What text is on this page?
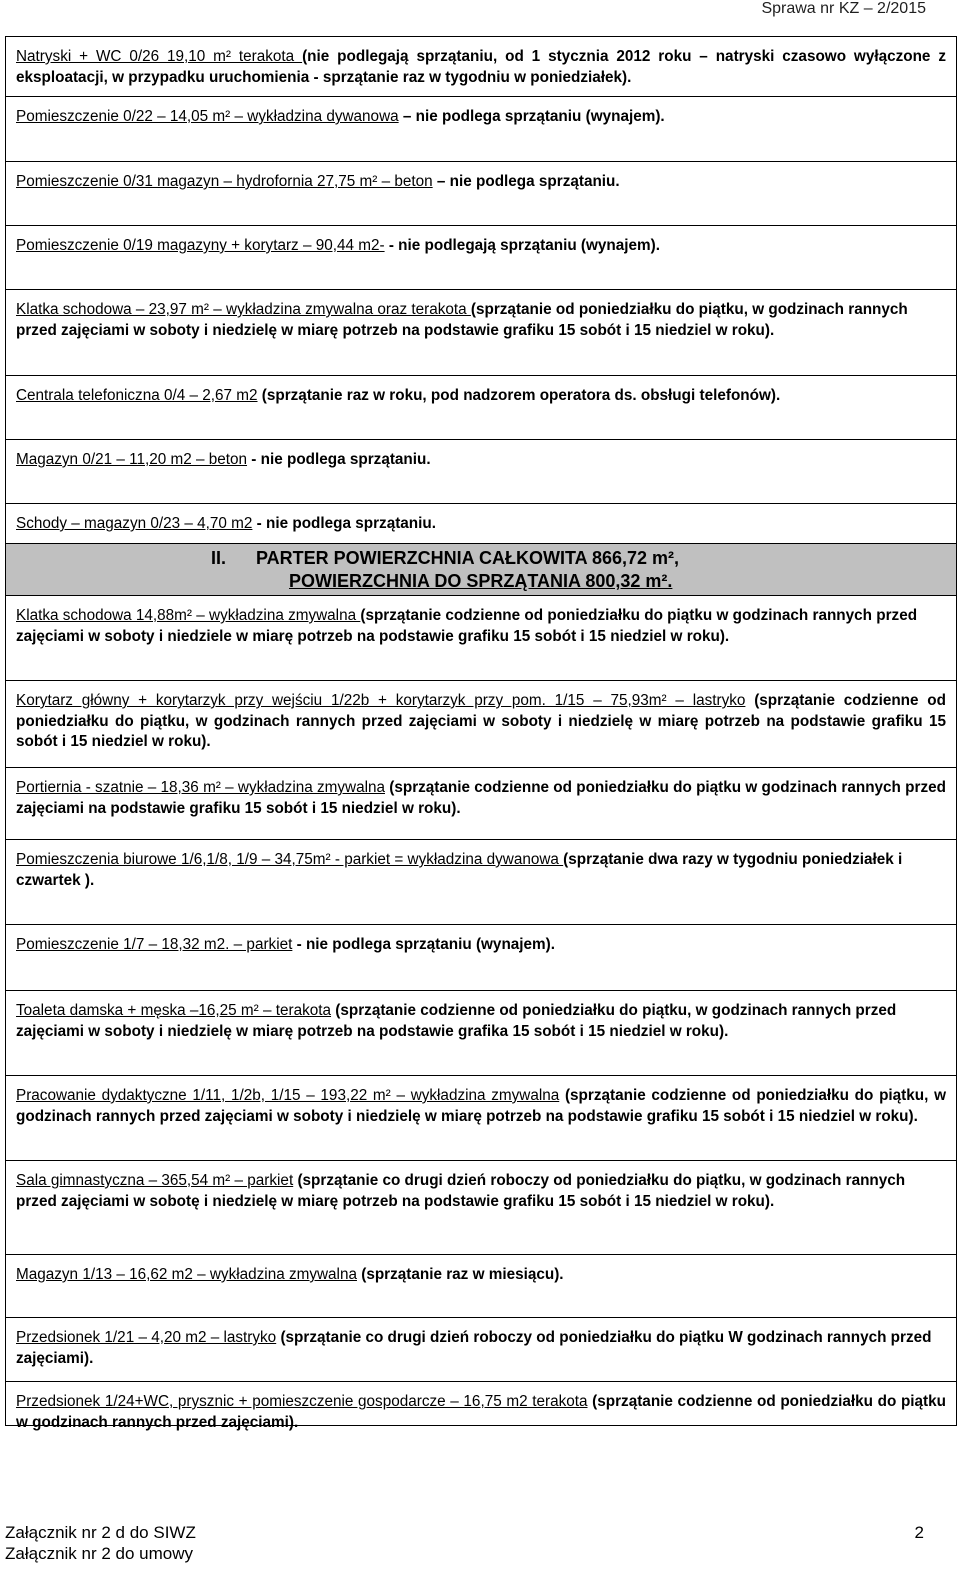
Sprawa nr KZ – 2/2015

Natryski + WC 0/26 19,10 m² terakota (nie podlegają sprzątaniu, od 1 stycznia 2012 roku – natryski czasowo wyłączone z eksploatacji, w przypadku uruchomienia - sprzątanie raz w tygodniu w poniedziałek).

Pomieszczenie 0/22 – 14,05 m² – wykładzina dywanowa – nie podlega sprzątaniu (wynajem).

Pomieszczenie 0/31 magazyn – hydrofornia 27,75 m² – beton – nie podlega sprzątaniu.

Pomieszczenie 0/19 magazyny + korytarz – 90,44 m2- - nie podlegają sprzątaniu (wynajem).

Klatka schodowa – 23,97 m² – wykładzina zmywalna oraz terakota (sprzątanie od poniedziałku do piątku, w godzinach rannych przed zajęciami w soboty i niedzielę w miarę potrzeb na podstawie grafiku 15 sobót i 15 niedziel w roku).

Centrala telefoniczna 0/4 – 2,67 m2 (sprzątanie raz w roku, pod nadzorem operatora ds. obsługi telefonów).

Magazyn 0/21 – 11,20 m2 – beton - nie podlega sprzątaniu.

Schody – magazyn 0/23 – 4,70 m2 - nie podlega sprzątaniu.

II. PARTER POWIERZCHNIA CAŁKOWITA 866,72 m²,
POWIERZCHNIA DO SPRZĄTANIA 800,32 m².

Klatka schodowa 14,88m² – wykładzina zmywalna (sprzątanie codzienne od poniedziałku do piątku w godzinach rannych przed zajęciami w soboty i niedziele w miarę potrzeb na podstawie grafiku 15 sobót i 15 niedziel w roku).

Korytarz główny + korytarzyk przy wejściu 1/22b + korytarzyk przy pom. 1/15 – 75,93m² – lastryko (sprzątanie codzienne od poniedziałku do piątku, w godzinach rannych przed zajęciami w soboty i niedzielę w miarę potrzeb na podstawie grafiku 15 sobót i 15 niedziel w roku).

Portiernia - szatnie – 18,36 m² – wykładzina zmywalna (sprzątanie codzienne od poniedziałku do piątku w godzinach rannych przed zajęciami na podstawie grafiku 15 sobót i 15 niedziel w roku).

Pomieszczenia biurowe 1/6,1/8, 1/9 – 34,75m² - parkiet = wykładzina dywanowa (sprzątanie dwa razy w tygodniu poniedziałek i czwartek ).

Pomieszczenie 1/7 – 18,32 m2. – parkiet - nie podlega sprzątaniu (wynajem).

Toaleta damska + męska –16,25 m² – terakota (sprzątanie codzienne od poniedziałku do piątku, w godzinach rannych przed zajęciami w soboty i niedzielę w miarę potrzeb na podstawie grafika 15 sobót i 15 niedziel w roku).

Pracowanie dydaktyczne 1/11, 1/2b, 1/15 – 193,22 m² – wykładzina zmywalna (sprzątanie codzienne od poniedziałku do piątku, w godzinach rannych przed zajęciami w soboty i niedzielę w miarę potrzeb na podstawie grafiku 15 sobót i 15 niedziel w roku).

Sala gimnastyczna – 365,54 m² – parkiet (sprzątanie co drugi dzień roboczy od poniedziałku do piątku, w godzinach rannych przed zajęciami w sobotę i niedzielę w miarę potrzeb na podstawie grafiku 15 sobót i 15 niedziel w roku).

Magazyn 1/13 – 16,62 m2 – wykładzina zmywalna (sprzątanie raz w miesiącu).

Przedsionek 1/21 – 4,20 m2 – lastryko (sprzątanie co drugi dzień roboczy od poniedziałku do piątku W godzinach rannych przed zajęciami).

Przedsionek 1/24+WC, prysznic + pomieszczenie gospodarcze – 16,75 m2 terakota (sprzątanie codzienne od poniedziałku do piątku w godzinach rannych przed zajęciami).

Załącznik nr 2 d do SIWZ
Załącznik nr 2 do umowy
2
